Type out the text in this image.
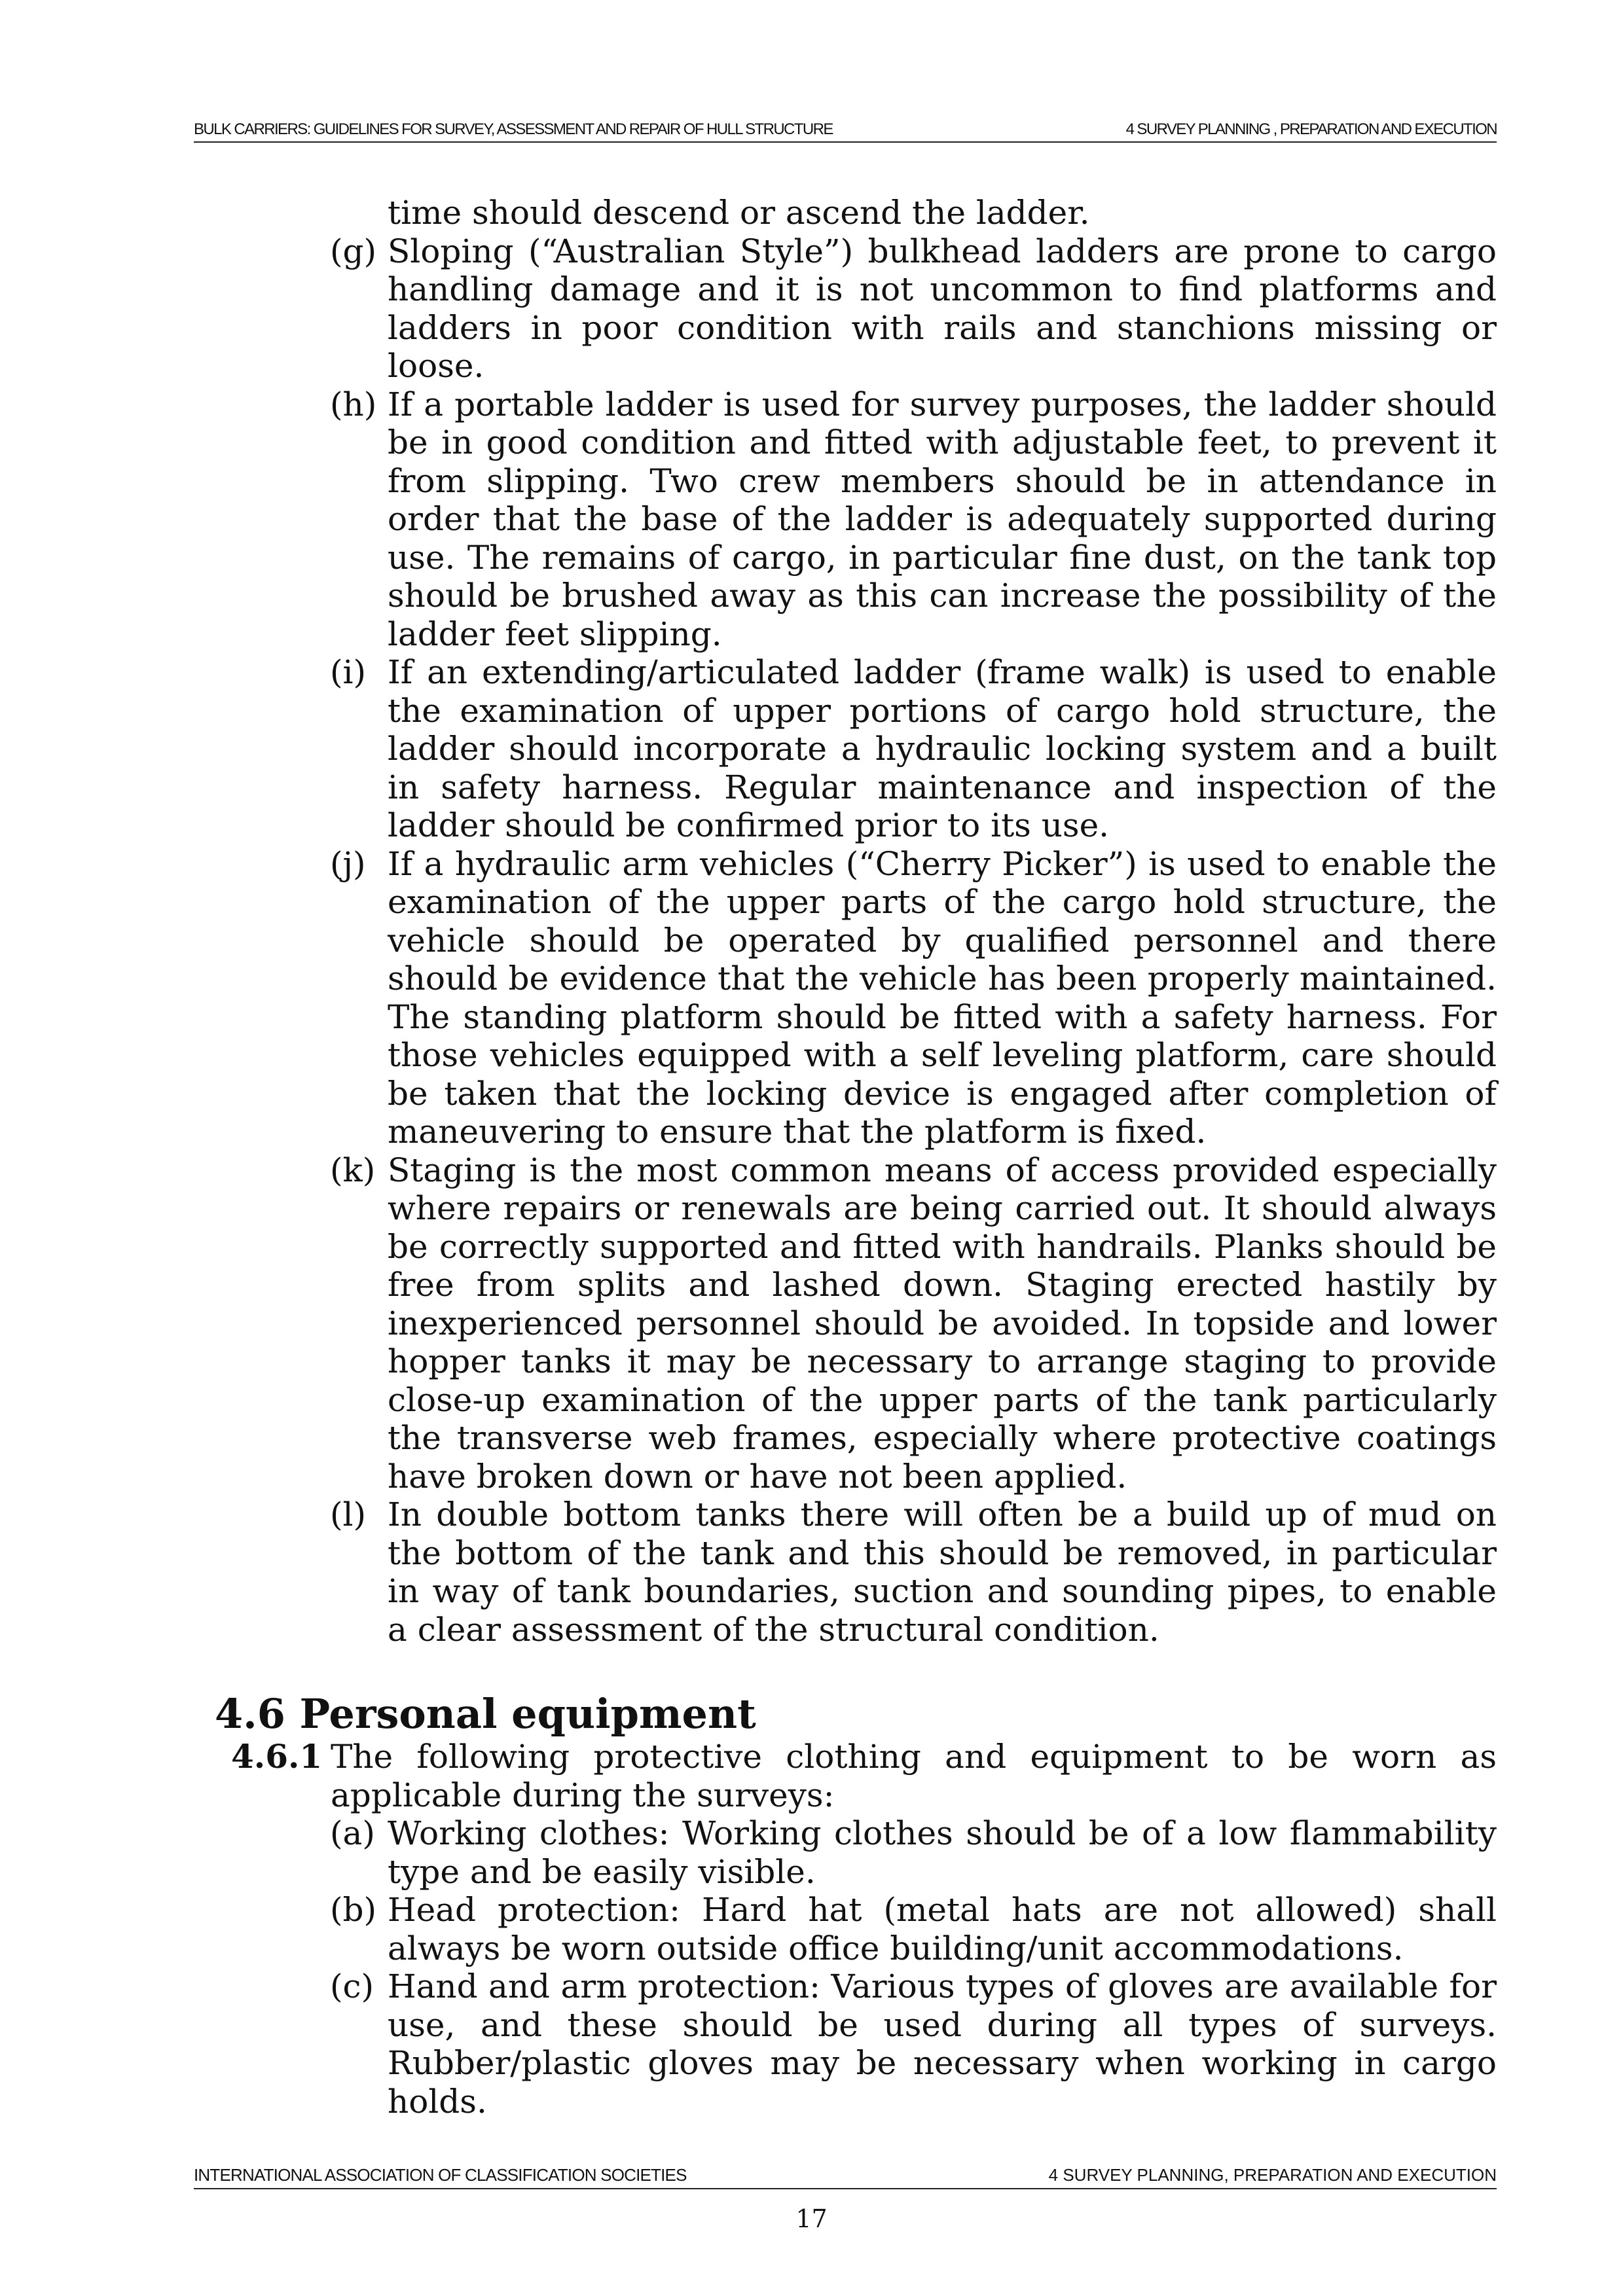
BULK CARRIERS: GUIDELINES FOR SURVEY, ASSESSMENT AND REPAIR OF HULL STRUCTURE	4 SURVEY PLANNING , PREPARATION AND EXECUTION

time should descend or ascend the ladder.

(g) Sloping (“Australian Style”) bulkhead ladders are prone to cargo handling damage and it is not uncommon to find platforms and ladders in poor condition with rails and stanchions missing or loose.
(h) If a portable ladder is used for survey purposes, the ladder should be in good condition and fitted with adjustable feet, to prevent it from slipping. Two crew members should be in attendance in order that the base of the ladder is adequately supported during use. The remains of cargo, in particular fine dust, on the tank top should be brushed away as this can increase the possibility of the ladder feet slipping.
(i) If an extending/articulated ladder (frame walk) is used to enable the examination of upper portions of cargo hold structure, the ladder should incorporate a hydraulic locking system and a built in safety harness. Regular maintenance and inspection of the ladder should be confirmed prior to its use.
(j) If a hydraulic arm vehicles (“Cherry Picker”) is used to enable the examination of the upper parts of the cargo hold structure, the vehicle should be operated by qualified personnel and there should be evidence that the vehicle has been properly maintained. The standing platform should be fitted with a safety harness. For those vehicles equipped with a self leveling platform, care should be taken that the locking device is engaged after completion of maneuvering to ensure that the platform is fixed.
(k) Staging is the most common means of access provided especially where repairs or renewals are being carried out. It should always be correctly supported and fitted with handrails. Planks should be free from splits and lashed down. Staging erected hastily by inexperienced personnel should be avoided. In topside and lower hopper tanks it may be necessary to arrange staging to provide close-up examination of the upper parts of the tank particularly the transverse web frames, especially where protective coatings have broken down or have not been applied.
(l) In double bottom tanks there will often be a build up of mud on the bottom of the tank and this should be removed, in particular in way of tank boundaries, suction and sounding pipes, to enable a clear assessment of the structural condition.
4.6 Personal equipment
4.6.1 The following protective clothing and equipment to be worn as applicable during the surveys:
(a) Working clothes: Working clothes should be of a low flammability type and be easily visible.
(b) Head protection: Hard hat (metal hats are not allowed) shall always be worn outside office building/unit accommodations.
(c) Hand and arm protection: Various types of gloves are available for use, and these should be used during all types of surveys. Rubber/plastic gloves may be necessary when working in cargo holds.
INTERNATIONAL ASSOCIATION OF CLASSIFICATION SOCIETIES	4 SURVEY PLANNING, PREPARATION AND EXECUTION
17
